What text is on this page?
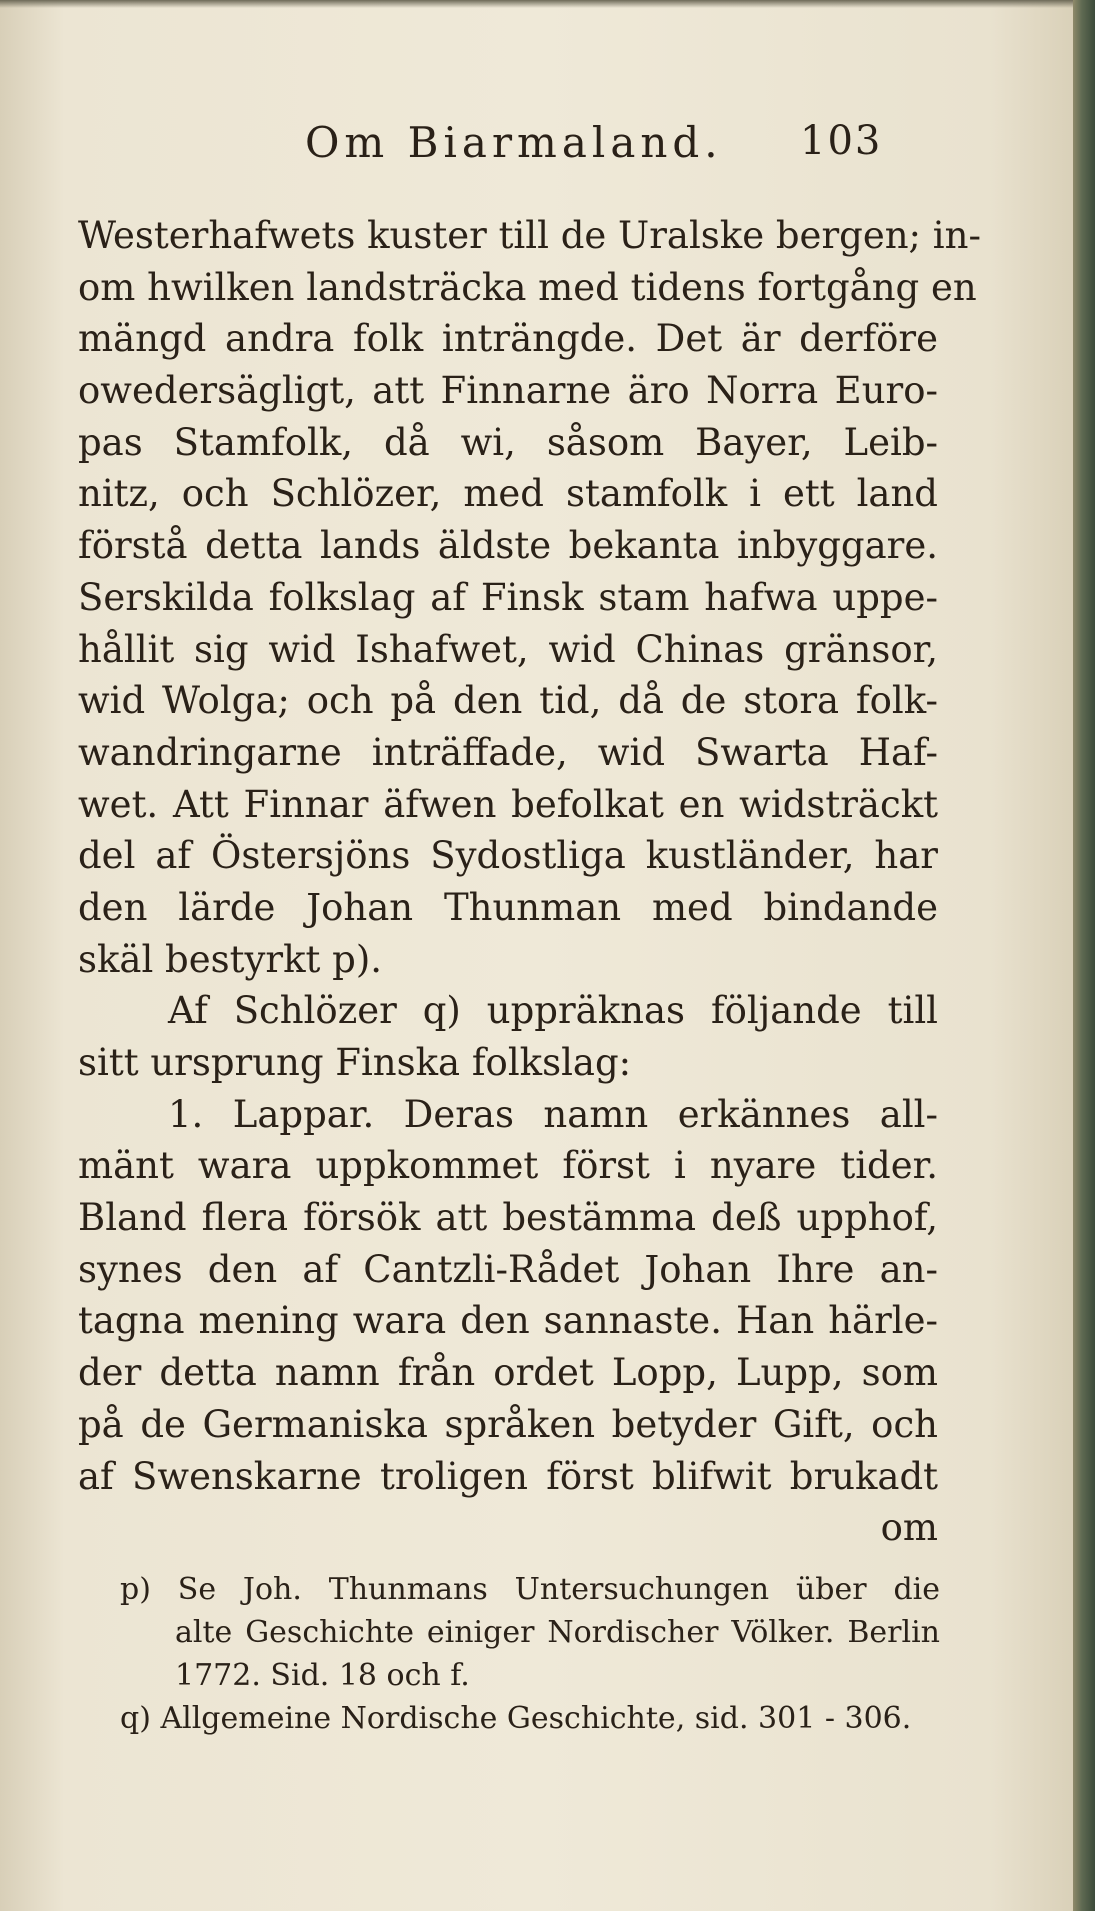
Om Biarmaland. 103
Westerhafwets kuster till de Uralske bergen; in-
om hwilken landsträcka med tidens fortgång en
mängd andra folk inträngde. Det är derföre
owedersägligt, att Finnarne äro Norra Euro-
pas Stamfolk, då wi, såsom Bayer, Leib-
nitz, och Schlözer, med stamfolk i ett land
förstå detta lands äldste bekanta inbyggare.
Serskilda folkslag af Finsk stam hafwa uppe-
hållit sig wid Ishafwet, wid Chinas gränsor,
wid Wolga; och på den tid, då de stora folk-
wandringarne inträffade, wid Swarta Haf-
wet. Att Finnar äfwen befolkat en widsträckt
del af Östersjöns Sydostliga kustländer, har
den lärde Johan Thunman med bindande
skäl bestyrkt p).
Af Schlözer q) uppräknas följande till
sitt ursprung Finska folkslag:
1. Lappar. Deras namn erkännes all-
mänt wara uppkommet först i nyare tider.
Bland flera försök att bestämma deß upphof,
synes den af Cantzli-Rådet Johan Ihre an-
tagna mening wara den sannaste. Han härle-
der detta namn från ordet Lopp, Lupp, som
på de Germaniska språken betyder Gift, och
af Swenskarne troligen först blifwit brukadt
om
p) Se Joh. Thunmans Untersuchungen über die
alte Geschichte einiger Nordischer Völker. Berlin
1772. Sid. 18 och f.
q) Allgemeine Nordische Geschichte, sid. 301 - 306.
